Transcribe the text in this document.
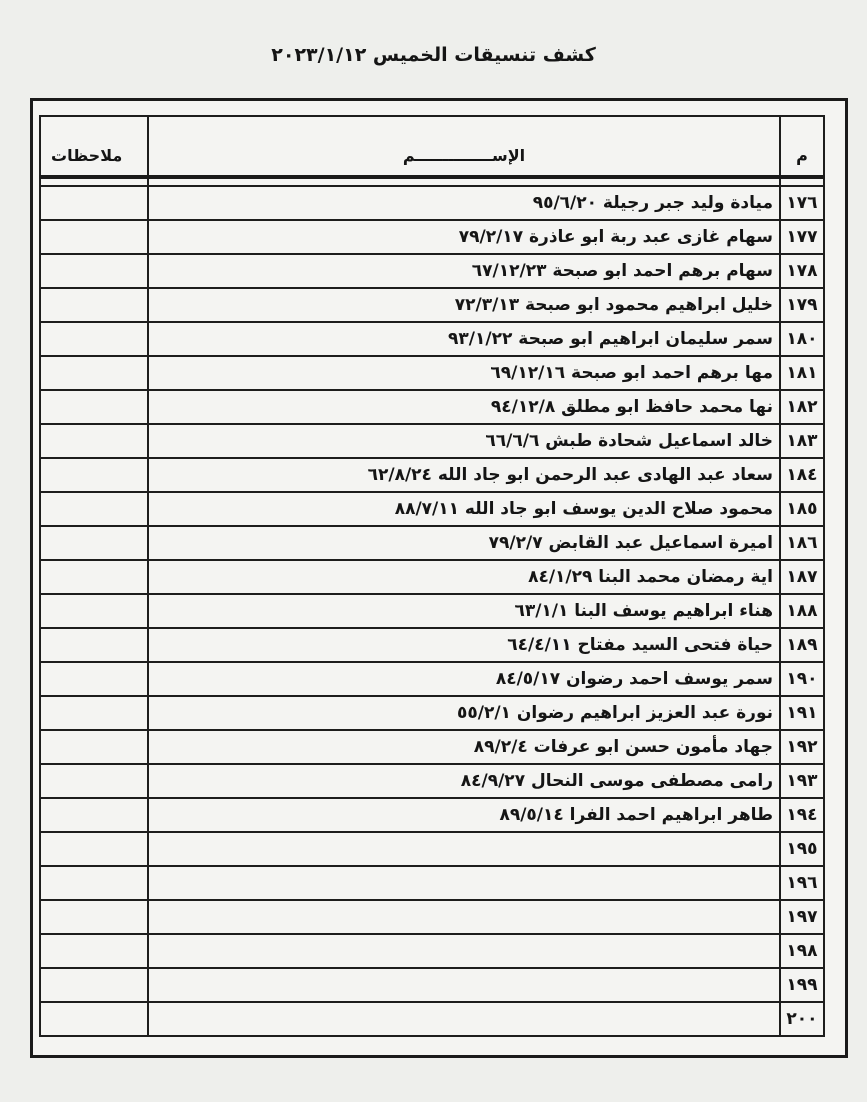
كشف تنسيقات الخميس ٢٠٢٣/١/١٢
م	الإســــــــــــــم	ملاحظات

١٧٦	ميادة وليد جبر رجيلة ٩٥/٦/٢٠	
١٧٧	سهام غازى عبد ربة ابو عاذرة ٧٩/٢/١٧	
١٧٨	سهام برهم احمد ابو صبحة ٦٧/١٢/٢٣	
١٧٩	خليل ابراهيم محمود ابو صبحة ٧٢/٣/١٣	
١٨٠	سمر سليمان ابراهيم ابو صبحة ٩٣/١/٢٢	
١٨١	مها برهم احمد ابو صبحة ٦٩/١٢/١٦	
١٨٢	نها محمد حافظ ابو مطلق ٩٤/١٢/٨	
١٨٣	خالد اسماعيل شحادة طبش ٦٦/٦/٦	
١٨٤	سعاد عبد الهادى عبد الرحمن ابو جاد الله ٦٢/٨/٢٤	
١٨٥	محمود صلاح الدين يوسف ابو جاد الله ٨٨/٧/١١	
١٨٦	اميرة اسماعيل عبد القابض ٧٩/٢/٧	
١٨٧	اية رمضان محمد البنا ٨٤/١/٢٩	
١٨٨	هناء ابراهيم يوسف البنا ٦٣/١/١	
١٨٩	حياة فتحى السيد مفتاح ٦٤/٤/١١	
١٩٠	سمر يوسف احمد رضوان ٨٤/٥/١٧	
١٩١	نورة عبد العزيز ابراهيم رضوان ٥٥/٢/١	
١٩٢	جهاد مأمون حسن ابو عرفات ٨٩/٢/٤	
١٩٣	رامى مصطفى موسى النحال ٨٤/٩/٢٧	
١٩٤	طاهر ابراهيم احمد الفرا ٨٩/٥/١٤	
١٩٥		
١٩٦		
١٩٧		
١٩٨		
١٩٩		
٢٠٠		
